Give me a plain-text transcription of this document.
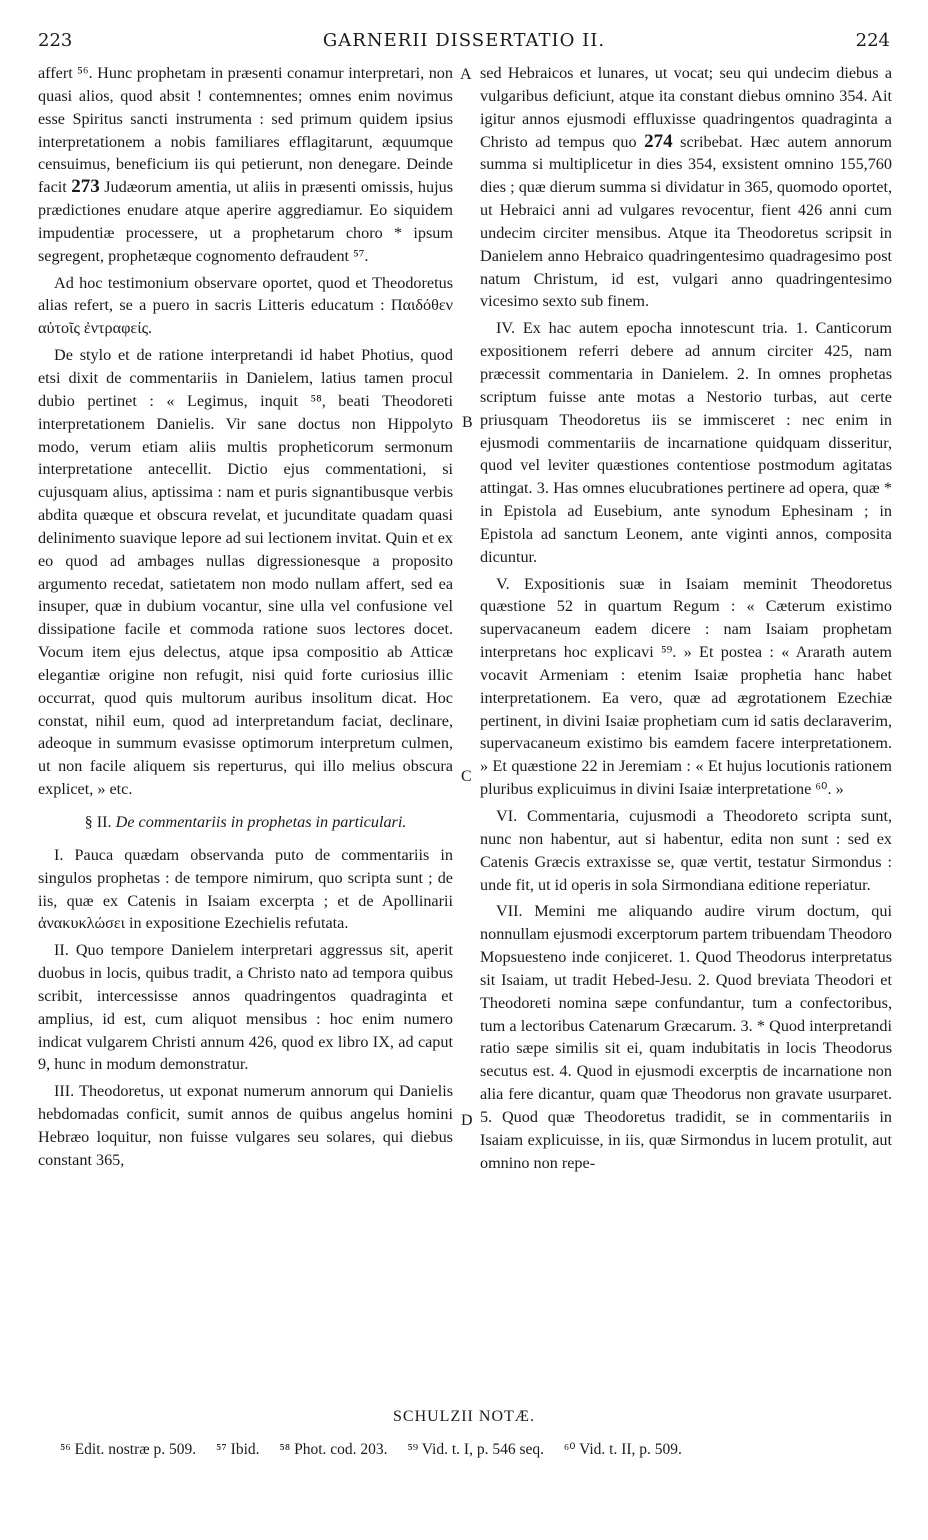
223	GARNERII DISSERTATIO II.	224

affert ⁵⁶. Hunc prophetam in præsenti conamur interpretari, non quasi alios, quod absit ! contemnentes; omnes enim novimus esse Spiritus sancti instrumenta : sed primum quidem ipsius interpretationem a nobis familiares efflagitarunt, æquumque censuimus, beneficium iis qui petierunt, non denegare. Deinde facit 273 Judæorum amentia, ut aliis in præsenti omissis, hujus prædictiones enudare atque aperire aggrediamur. Eo siquidem impudentiæ processere, ut a prophetarum choro * ipsum segregent, prophetæque cognomento defraudent ⁵⁷.

Ad hoc testimonium observare oportet, quod et Theodoretus alias refert, se a puero in sacris Litteris educatum : Παιδόθεν αὐτοῖς ἐντραφείς.

De stylo et de ratione interpretandi id habet Photius, quod etsi dixit de commentariis in Danielem, latius tamen procul dubio pertinet : « Legimus, inquit ⁵⁸, beati Theodoreti interpretationem Danielis. Vir sane doctus non Hippolyto modo, verum etiam aliis multis propheticorum sermonum interpretatione antecellit. Dictio ejus commentationi, si cujusquam alius, aptissima : nam et puris signantibusque verbis abdita quæque et obscura revelat, et jucunditate quadam quasi delinimento suavique lepore ad sui lectionem invitat. Quin et ex eo quod ad ambages nullas digressionesque a proposito argumento recedat, satietatem non modo nullam affert, sed ea insuper, quæ in dubium vocantur, sine ulla vel confusione vel dissipatione facile et commoda ratione suos lectores docet. Vocum item ejus delectus, atque ipsa compositio ab Atticæ elegantiæ origine non refugit, nisi quid forte curiosius illic occurrat, quod quis multorum auribus insolitum dicat. Hoc constat, nihil eum, quod ad interpretandum faciat, declinare, adeoque in summum evasisse optimorum interpretum culmen, ut non facile aliquem sis reperturus, qui illo melius obscura explicet, » etc.

§ II. De commentariis in prophetas in particulari.

I. Pauca quædam observanda puto de commentariis in singulos prophetas : de tempore nimirum, quo scripta sunt ; de iis, quæ ex Catenis in Isaiam excerpta ; et de Apollinarii ἀνακυκλώσει in expositione Ezechielis refutata.

II. Quo tempore Danielem interpretari aggressus sit, aperit duobus in locis, quibus tradit, a Christo nato ad tempora quibus scribit, intercessisse annos quadringentos quadraginta et amplius, id est, cum aliquot mensibus : hoc enim numero indicat vulgarem Christi annum 426, quod ex libro IX, ad caput 9, hunc in modum demonstratur.

III. Theodoretus, ut exponat numerum annorum qui Danielis hebdomadas conficit, sumit annos de quibus angelus homini Hebræo loquitur, non fuisse vulgares seu solares, qui diebus constant 365,

A
B
C
D

sed Hebraicos et lunares, ut vocat; seu qui undecim diebus a vulgaribus deficiunt, atque ita constant diebus omnino 354. Ait igitur annos ejusmodi effluxisse quadringentos quadraginta a Christo ad tempus quo 274 scribebat. Hæc autem annorum summa si multiplicetur in dies 354, exsistent omnino 155,760 dies ; quæ dierum summa si dividatur in 365, quomodo oportet, ut Hebraici anni ad vulgares revocentur, fient 426 anni cum undecim circiter mensibus. Atque ita Theodoretus scripsit in Danielem anno Hebraico quadringentesimo quadragesimo post natum Christum, id est, vulgari anno quadringentesimo vicesimo sexto sub finem.

IV. Ex hac autem epocha innotescunt tria. 1. Canticorum expositionem referri debere ad annum circiter 425, nam præcessit commentaria in Danielem. 2. In omnes prophetas scriptum fuisse ante motas a Nestorio turbas, aut certe priusquam Theodoretus iis se immisceret : nec enim in ejusmodi commentariis de incarnatione quidquam disseritur, quod vel leviter quæstiones contentiose postmodum agitatas attingat. 3. Has omnes elucubrationes pertinere ad opera, quæ * in Epistola ad Eusebium, ante synodum Ephesinam ; in Epistola ad sanctum Leonem, ante viginti annos, composita dicuntur.

V. Expositionis suæ in Isaiam meminit Theodoretus quæstione 52 in quartum Regum : « Cæterum existimo supervacaneum eadem dicere : nam Isaiam prophetam interpretans hoc explicavi ⁵⁹. » Et postea : « Ararath autem vocavit Armeniam : etenim Isaiæ prophetia hanc habet interpretationem. Ea vero, quæ ad ægrotationem Ezechiæ pertinent, in divini Isaiæ prophetiam cum id satis declaraverim, supervacaneum existimo bis eamdem facere interpretationem. » Et quæstione 22 in Jeremiam : « Et hujus locutionis rationem pluribus explicuimus in divini Isaiæ interpretatione ⁶⁰. »

VI. Commentaria, cujusmodi a Theodoreto scripta sunt, nunc non habentur, aut si habentur, edita non sunt : sed ex Catenis Græcis extraxisse se, quæ vertit, testatur Sirmondus : unde fit, ut id operis in sola Sirmondiana editione reperiatur.

VII. Memini me aliquando audire virum doctum, qui nonnullam ejusmodi excerptorum partem tribuendam Theodoro Mopsuesteno inde conjiceret. 1. Quod Theodorus interpretatus sit Isaiam, ut tradit Hebed-Jesu. 2. Quod breviata Theodori et Theodoreti nomina sæpe confundantur, tum a confectoribus, tum a lectoribus Catenarum Græcarum. 3. * Quod interpretandi ratio sæpe similis sit ei, quam indubitatis in locis Theodorus secutus est. 4. Quod in ejusmodi excerptis de incarnatione non alia fere dicantur, quam quæ Theodorus non gravate usurparet. 5. Quod quæ Theodoretus tradidit, se in commentariis in Isaiam explicuisse, in iis, quæ Sirmondus in lucem protulit, aut omnino non repe-

SCHULZII NOTÆ.
⁵⁶ Edit. nostræ p. 509. ⁵⁷ Ibid. ⁵⁸ Phot. cod. 203. ⁵⁹ Vid. t. I, p. 546 seq. ⁶⁰ Vid. t. II, p. 509.
